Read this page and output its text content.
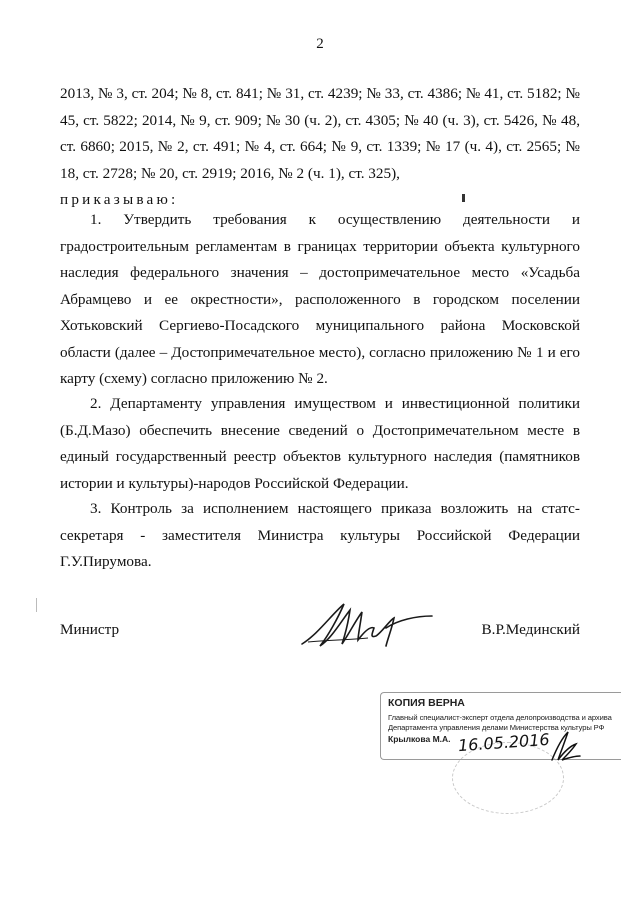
2

2013, № 3, ст. 204; № 8, ст. 841; № 31, ст. 4239; № 33, ст. 4386; № 41, ст. 5182; № 45, ст. 5822; 2014, № 9, ст. 909; № 30 (ч. 2), ст. 4305; № 40 (ч. 3), ст. 5426, № 48, ст. 6860; 2015, № 2, ст. 491; № 4, ст. 664; № 9, ст. 1339; № 17 (ч. 4), ст. 2565; № 18, ст. 2728; № 20, ст. 2919; 2016, № 2 (ч. 1), ст. 325),
приказываю:

1. Утвердить требования к осуществлению деятельности и градостроительным регламентам в границах территории объекта культурного наследия федерального значения – достопримечательное место «Усадьба Абрамцево и ее окрестности», расположенного в городском поселении Хотьковский Сергиево-Посадского муниципального района Московской области (далее – Достопримечательное место), согласно приложению № 1 и его карту (схему) согласно приложению № 2.

2. Департаменту управления имуществом и инвестиционной политики (Б.Д.Мазо) обеспечить внесение сведений о Достопримечательном месте в единый государственный реестр объектов культурного наследия (памятников истории и культуры)-народов Российской Федерации.

3. Контроль за исполнением настоящего приказа возложить на статс-секретаря - заместителя Министра культуры Российской Федерации Г.У.Пирумова.

Министр	В.Р.Мединский
КОПИЯ ВЕРНА
Главный специалист-эксперт отдела делопроизводства и архива
Департамента управления делами Министерства культуры РФ
Крылкова М.А. 16.05.2016
